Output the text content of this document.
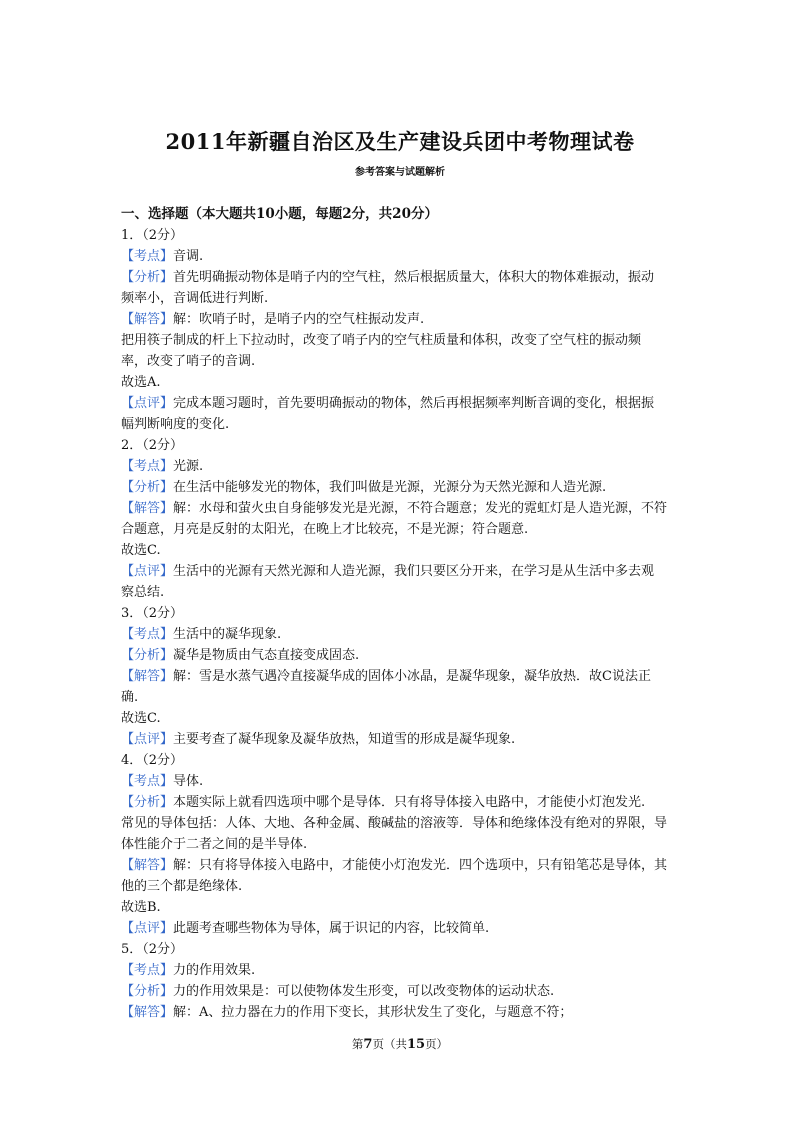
2011年新疆自治区及生产建设兵团中考物理试卷
参考答案与试题解析
一、选择题（本大题共10小题，每题2分，共20分）
1．（2分）
【考点】音调.
【分析】首先明确振动物体是哨子内的空气柱，然后根据质量大，体积大的物体难振动，振动
频率小，音调低进行判断.
【解答】解：吹哨子时，是哨子内的空气柱振动发声.
把用筷子制成的杆上下拉动时，改变了哨子内的空气柱质量和体积，改变了空气柱的振动频
率，改变了哨子的音调.
故选A.
【点评】完成本题习题时，首先要明确振动的物体，然后再根据频率判断音调的变化，根据振
幅判断响度的变化.
2．（2分）
【考点】光源.
【分析】在生活中能够发光的物体，我们叫做是光源，光源分为天然光源和人造光源.
【解答】解：水母和萤火虫自身能够发光是光源，不符合题意；发光的霓虹灯是人造光源，不符
合题意，月亮是反射的太阳光，在晚上才比较亮，不是光源；符合题意.
故选C.
【点评】生活中的光源有天然光源和人造光源，我们只要区分开来，在学习是从生活中多去观
察总结.
3．（2分）
【考点】生活中的凝华现象.
【分析】凝华是物质由气态直接变成固态.
【解答】解：雪是水蒸气遇冷直接凝华成的固体小冰晶，是凝华现象，凝华放热．故C说法正
确.
故选C.
【点评】主要考查了凝华现象及凝华放热，知道雪的形成是凝华现象.
4．（2分）
【考点】导体.
【分析】本题实际上就看四选项中哪个是导体．只有将导体接入电路中，才能使小灯泡发光.
常见的导体包括：人体、大地、各种金属、酸碱盐的溶液等．导体和绝缘体没有绝对的界限，导
体性能介于二者之间的是半导体.
【解答】解：只有将导体接入电路中，才能使小灯泡发光．四个选项中，只有铅笔芯是导体，其
他的三个都是绝缘体.
故选B.
【点评】此题考查哪些物体为导体，属于识记的内容，比较简单.
5．（2分）
【考点】力的作用效果.
【分析】力的作用效果是：可以使物体发生形变，可以改变物体的运动状态.
【解答】解：A、拉力器在力的作用下变长，其形状发生了变化，与题意不符；
第7页（共15页）
